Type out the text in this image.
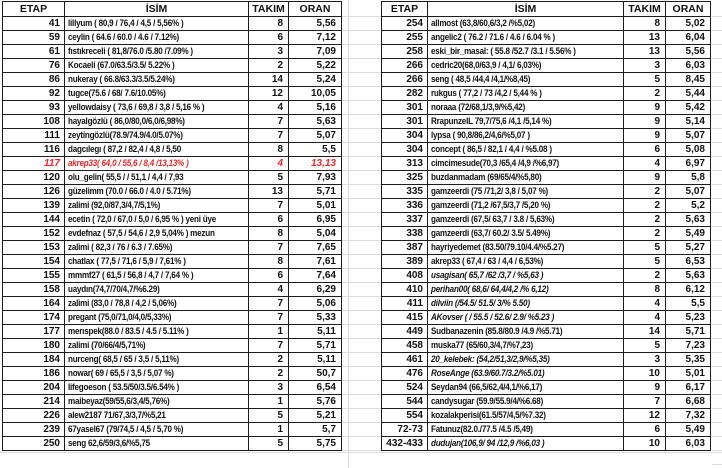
ETAP	İSİM	TAKIM	ORAN
41	lillyum ( 80,9 / 76,4 / 4,5 / 5,56% )	8	5,56
59	ceylin ( 64.6 / 60.0 / 4.6 / 7.12%)	6	7,12
61	fıstıkreceli ( 81,8/76.0 /5.80 /7.09% )	3	7,09
76	Kocaeli (67.0/63.5/3.5/ 5.22% )	2	5,22
86	nukeray ( 66.8/63.3/3.5/5.24%)	14	5,24
92	tugce(75.6 / 68/ 7.6/10.05%)	12	10,05
93	yellowdaisy ( 73,6 / 69,8 / 3,8 / 5,16 % )	4	5,16
108	hayalgözlü ( 86,0/80,0/6,0/6,98%)	7	5,63
111	zeytingözlü(78.9/74.9/4.0/5.07%)	7	5,07
116	dagcılegı ( 87,2 / 82,4 / 4,8 / 5,50	8	5,5
117	akrep33( 64,0 / 55,6 / 8,4 /13,13% )	4	13,13
120	olu_gelin( 55,5 / / 51,1 / 4,4 / 7,93	5	7,93
126	güzelimm (70.0 / 66.0 / 4.0 / 5.71%)	13	5,71
139	zalimi (92,0/87,3/4,7/5,1%)	7	5,01
144	ecetin ( 72,0 / 67,0 / 5,0 / 6,95 % ) yeni üye	6	6,95
152	evdefnaz ( 57,5 / 54,6 / 2,9 5,04% ) mezun	8	5,04
153	zalimi ( 82,3 / 76 / 6.3 / 7.65%)	7	7,65
154	chatlax ( 77,5 / 71,6 / 5,9 / 7,61% )	8	7,61
155	mmmf27 ( 61,5 / 56,8 / 4,7 / 7,64 % )	6	7,64
158	uaydın(74,7/70/4,7/%6.29)	4	6,29
164	zalimi (83,0 / 78,8 / 4,2 / 5,06%)	7	5,06
174	pregant (75,0/71,0/4,0/5,33%)	7	5,33
177	merıspek(88.0 / 83.5 / 4.5 / 5.11% )	1	5,11
180	zalimi (70/66/4/5,71%)	7	5,71
184	nurceng( 68,5 / 65 / 3,5 / 5,11%)	2	5,11
186	nowar( 69 / 65,5 / 3,5 / 5,07 %)	2	50,7
204	lifegoeson ( 53.5/50/3.5/6.54% )	3	6,54
214	maibeyaz(59/55,6/3,4/5,76%)	1	5,76
226	alew2187 71/67,3/3,7/%5,21	5	5,21
239	67yasel67 (79/74,5 / 4,5 / 5,70 %)	1	5,7
250	seng 62,6/59/3,6/%5,75	5	5,75
ETAP	İSİM	TAKIM	ORAN
254	allmost (63,8/60,6/3,2 /%5,02)	8	5,02
255	angelic2 ( 76.2 / 71.6 / 4.6 / 6.04 % )	13	6,04
258	eski_bir_masal: ( 55.8 /52.7 /3.1 / 5.56% )	13	5,56
266	cedric20(68,0/63,9 / 4,1/ 6,03%)	3	6,03
266	seng ( 48,5 /44,4 /4,1/%8,45)	5	8,45
282	rukgus ( 77,2 / 73 /4,2 / 5,44 % )	2	5,44
301	noraaa (72/68,1/3,9/%5,42)	9	5,42
301	RrapunzelL 79,7/75,6 /4,1 /5,14 %)	9	5,14
304	lypsa ( 90,8/86,2/4,6/%5,07 )	9	5,07
304	concept ( 86,5 / 82,1 / 4,4 / %5.08 )	6	5,08
313	cimcimesude(70,3 /65,4 /4,9 /%6,97)	4	6,97
325	buzdanmadam (69/65/4/%5,80)	9	5,8
335	gamzeerdi (75 /71,2/ 3,8 / 5,07 %)	2	5,07
336	gamzeerdi (71,2 /67,5/3,7 /5,20 %)	2	5,2
337	gamzeerdi (67,5/ 63,7 / 3.8 / 5,63%)	2	5,63
338	gamzeerdi (63,7/ 60.2/ 3.5/ 5.49%)	2	5,49
387	hayriyedemet (83.50/79.10/4.4/%5.27)	5	5,27
389	akrep33 ( 67,4 / 63 / 4,4 / 6,53%)	5	6,53
408	usagisan( 65,7 /62 /3,7 / %5,63 )	2	5,63
410	perihan00( 68,6/ 64,4/4,2 /% 6,12)	8	6,12
411	dilviin (/54.5/ 51.5/ 3/% 5.50)	4	5,5
415	AKovser ( / 55.5 / 52.6/ 2.9/ %5.23 )	4	5,23
449	Sudbanazenin (85.8/80.9 /4.9 /%5.71)	14	5,71
458	muska77 (65/60,3/4,7/%7,23)	5	7,23
461	20_kelebek: (54,2/51,3/2,9/%5,35)	3	5,35
476	RoseAnge (63.9/60.7/3.2/%5.01)	10	5,01
524	Seydan94 (66,5/62,4/4,1/%6,17)	9	6,17
544	candysugar (59.9/55.9/4/%6.68)	7	6,68
554	kozalakperisi(61.5/57/4,5/%7.32)	12	7,32
72-73	Fatunuz(82.0./77.5 /4.5 /5,49)	6	5,49
432-433	dudujan(106,9/ 94 /12,9 /%6,03 )	10	6,03
